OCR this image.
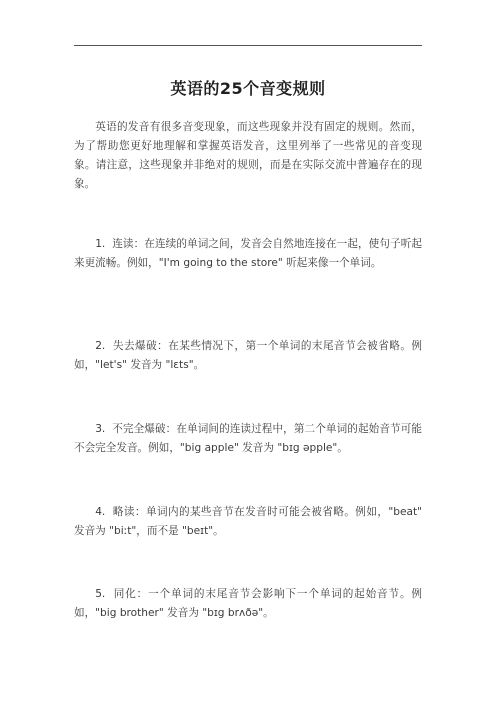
英语的25个音变规则

英语的发音有很多音变现象，而这些现象并没有固定的规则。然而，为了帮助您更好地理解和掌握英语发音，这里列举了一些常见的音变现象。请注意，这些现象并非绝对的规则，而是在实际交流中普遍存在的现象。

1. 连读：在连续的单词之间，发音会自然地连接在一起，使句子听起来更流畅。例如，"I'm going to the store" 听起来像一个单词。

2. 失去爆破：在某些情况下，第一个单词的末尾音节会被省略。例如，"let's" 发音为 "lɛts"。

3. 不完全爆破：在单词间的连读过程中，第二个单词的起始音节可能不会完全发音。例如，"big apple" 发音为 "bɪg əpple"。

4. 略读：单词内的某些音节在发音时可能会被省略。例如，"beat" 发音为 "biːt"，而不是 "beɪt"。

5. 同化：一个单词的末尾音节会影响下一个单词的起始音节。例如，"big brother" 发音为 "bɪg brʌðə"。
